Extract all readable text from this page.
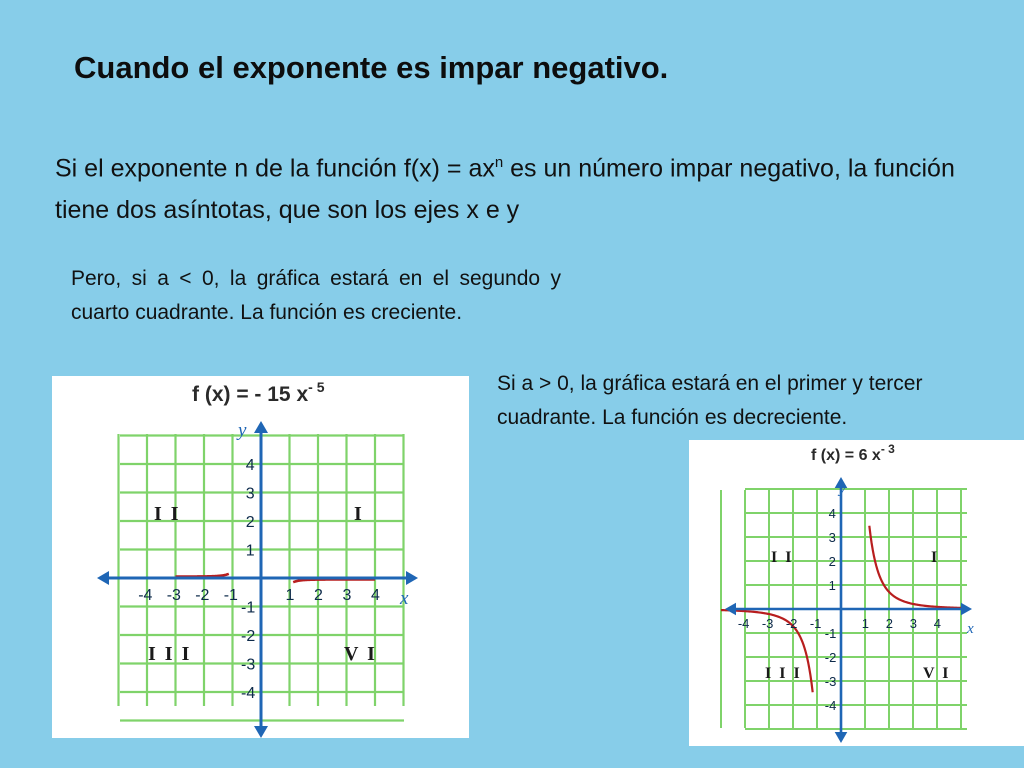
Cuando el exponente es impar negativo.
Si el exponente n de la función $f(x) = ax^n$ es un número impar negativo, la función tiene dos asíntotas, que son los ejes x e y
Pero, si a < 0, la gráfica estará en el segundo y cuarto cuadrante. La función es creciente.
Si a > 0, la gráfica estará en el primer y tercer cuadrante. La función es decreciente.
f (x) = - 15 $x^{- 5}$
y
x
I I	I
I I I	V I
-4 -3 -2 -1	1 2 3 4
4
3
2
1
-1
-2
-3
-4
f (x) = 6 $x^{- 3}$
y
x
I I	I
I I I	V I
-4 -3 -2 -1	1 2 3 4
4
3
2
1
-1
-2
-3
-4
